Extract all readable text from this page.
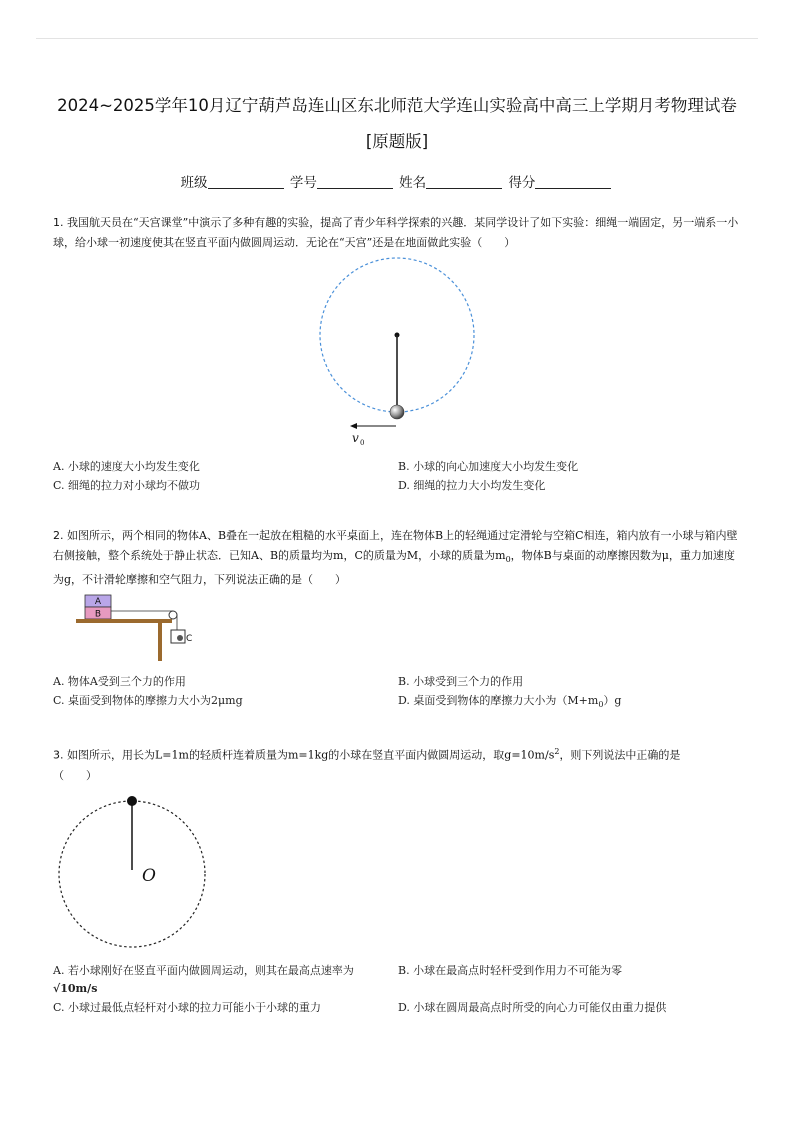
2024~2025学年10月辽宁葫芦岛连山区东北师范大学连山实验高中高三上学期月考物理试卷
[原题版]
班级	学号	姓名	得分
1. 我国航天员在“天宫课堂”中演示了多种有趣的实验，提高了青少年科学探索的兴趣．某同学设计了如下实验：细绳一端固定，另一端系一小球，给小球一初速度使其在竖直平面内做圆周运动．无论在“天宫”还是在地面做此实验（　　）
v 0
A. 小球的速度大小均发生变化	B. 小球的向心加速度大小均发生变化
C. 细绳的拉力对小球均不做功	D. 细绳的拉力大小均发生变化
2. 如图所示，两个相同的物体A、B叠在一起放在粗糙的水平桌面上，连在物体B上的轻绳通过定滑轮与空箱C相连，箱内放有一小球与箱内壁右侧接触，整个系统处于静止状态．已知A、B的质量均为m，C的质量为M，小球的质量为$m_0$，物体B与桌面的动摩擦因数为μ，重力加速度为g，不计滑轮摩擦和空气阻力，下列说法正确的是（　　）
A
B
C
A. 物体A受到三个力的作用	B. 小球受到三个力的作用
C. 桌面受到物体的摩擦力大小为2μmg	D. 桌面受到物体的摩擦力大小为$(M+m_0)g$
3. 如图所示，用长为L=1m的轻质杆连着质量为m=1kg的小球在竖直平面内做圆周运动，取$g=10m/s^2$，则下列说法中正确的是
（　　）
O
A. 若小球刚好在竖直平面内做圆周运动，则其在最高点速率为
√10m/s
B. 小球在最高点时轻杆受到作用力不可能为零
C. 小球过最低点轻杆对小球的拉力可能小于小球的重力	D. 小球在圆周最高点时所受的向心力可能仅由重力提供
